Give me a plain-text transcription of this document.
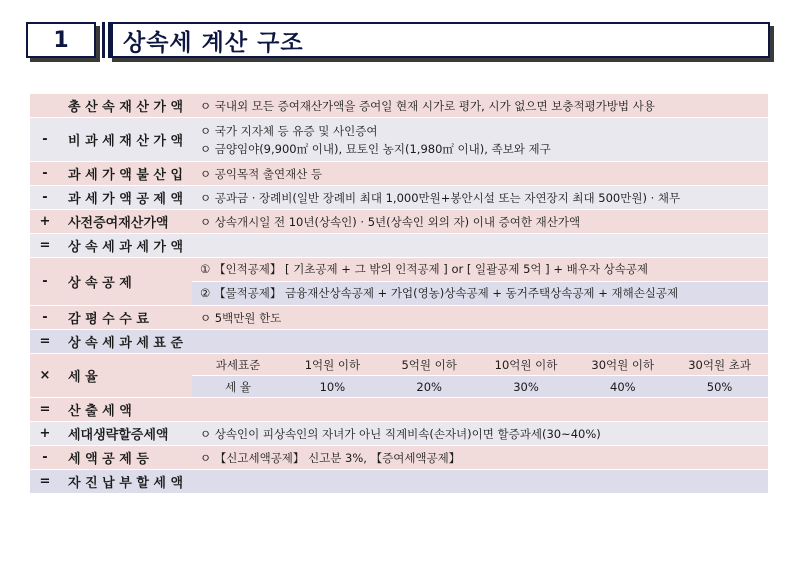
1	상속세 계산 구조
총 산 속 재 산 가 액	ㅇ 국내외 모든 증여재산가액을 증여일 현재 시가로 평가, 시가 없으면 보충적평가방법 사용
-	비 과 세 재 산 가 액
ㅇ 국가 지자체 등 유증 및 사인증여
ㅇ 금양임야(9,900㎡ 이내), 묘토인 농지(1,980㎡ 이내), 족보와 제구
-	과 세 가 액 불 산 입	ㅇ 공익목적 출연재산 등
-	과 세 가 액 공 제 액	ㅇ 공과금 · 장례비(일반 장례비 최대 1,000만원+봉안시설 또는 자연장지 최대 500만원) · 채무
+	사전증여재산가액	ㅇ 상속개시일 전 10년(상속인) · 5년(상속인 외의 자) 이내 증여한 재산가액
=	상 속 세 과 세 가 액
-	상 속 공 제
① 【인적공제】 [ 기초공제 + 그 밖의 인적공제 ] or [ 일괄공제 5억 ] + 배우자 상속공제
② 【물적공제】 금융재산상속공제 + 가업(영농)상속공제 + 동거주택상속공제 + 재해손실공제
-	감 평 수 수 료	ㅇ 5백만원 한도
=	상 속 세 과 세 표 준
×	세 율
과세표준	1억원 이하	5억원 이하	10억원 이하	30억원 이하	30억원 초과
세 율	10%	20%	30%	40%	50%
=	산 출 세 액
+	세대생략할증세액	ㅇ 상속인이 피상속인의 자녀가 아닌 직계비속(손자녀)이면 할증과세(30~40%)
-	세 액 공 제 등	ㅇ 【신고세액공제】 신고분 3%, 【증여세액공제】
=	자 진 납 부 할 세 액
